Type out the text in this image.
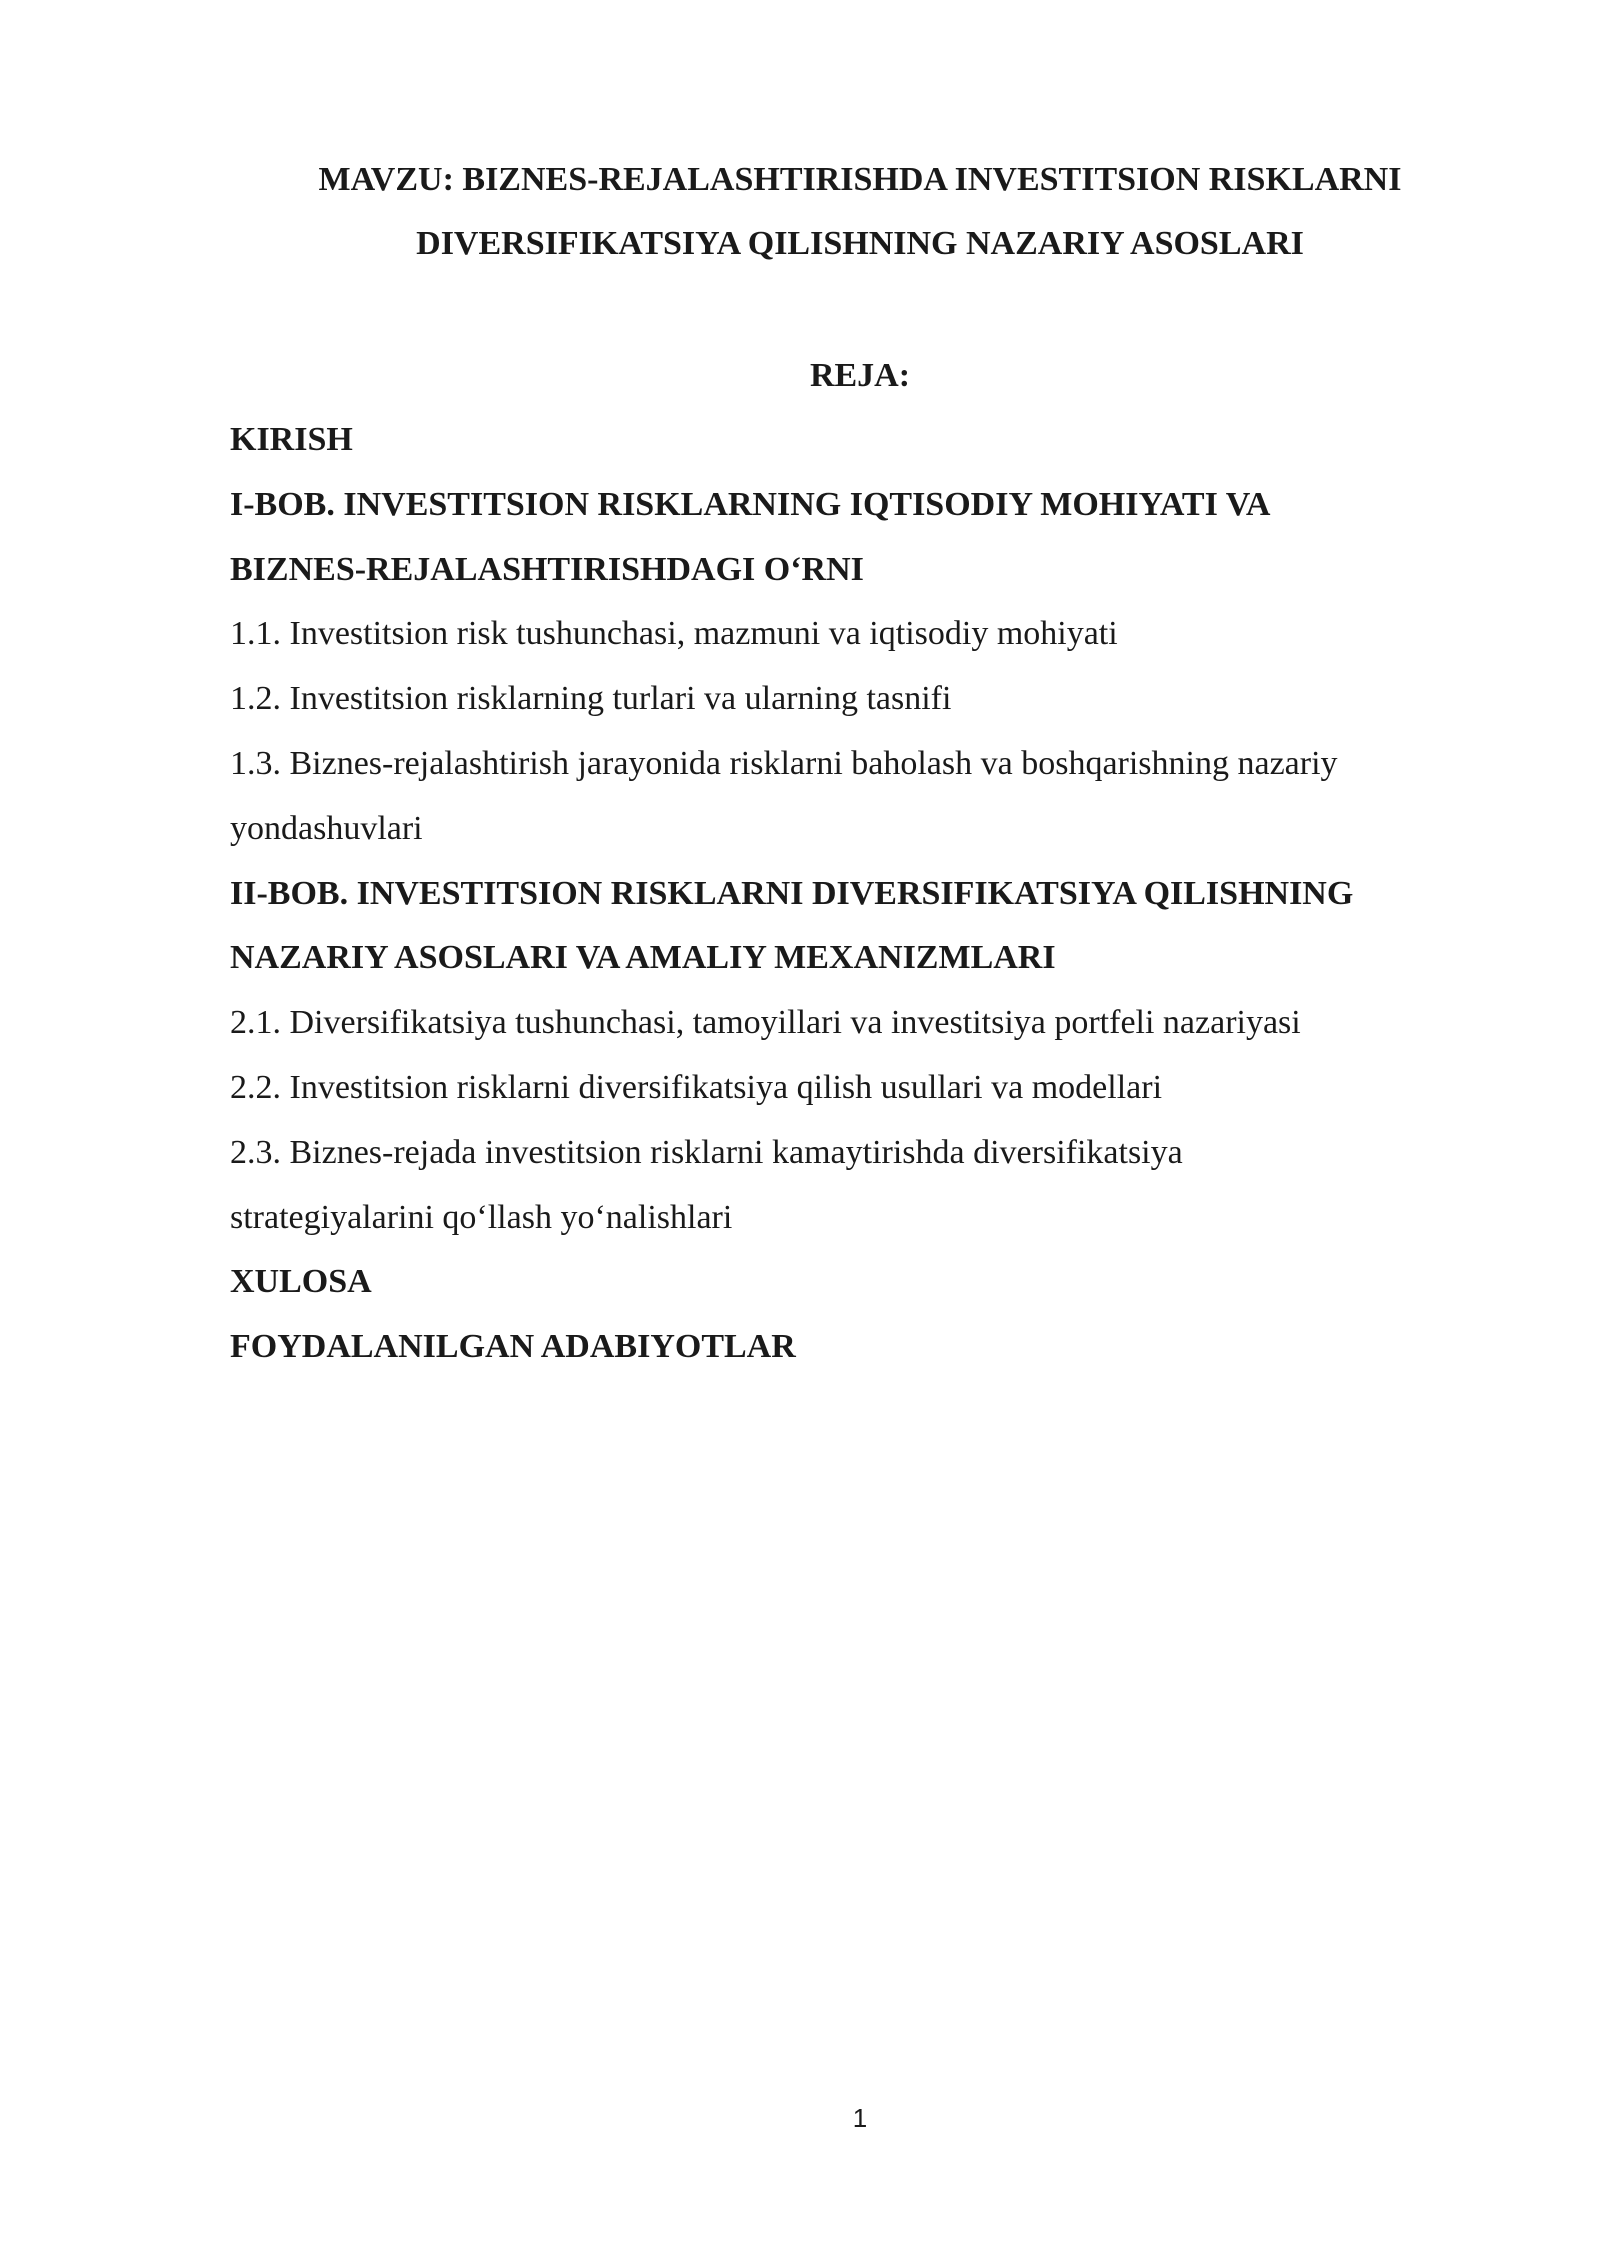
MAVZU: BIZNES-REJALASHTIRISHDA INVESTITSION RISKLARNI
DIVERSIFIKATSIYA QILISHNING NAZARIY ASOSLARI
REJA:
KIRISH
I-BOB. INVESTITSION RISKLARNING IQTISODIY MOHIYATI VA
BIZNES-REJALASHTIRISHDAGI O‘RNI
1.1. Investitsion risk tushunchasi, mazmuni va iqtisodiy mohiyati
1.2. Investitsion risklarning turlari va ularning tasnifi
1.3. Biznes-rejalashtirish jarayonida risklarni baholash va boshqarishning nazariy
yondashuvlari
II-BOB. INVESTITSION RISKLARNI DIVERSIFIKATSIYA QILISHNING
NAZARIY ASOSLARI VA AMALIY MEXANIZMLARI
2.1. Diversifikatsiya tushunchasi, tamoyillari va investitsiya portfeli nazariyasi
2.2. Investitsion risklarni diversifikatsiya qilish usullari va modellari
2.3. Biznes-rejada investitsion risklarni kamaytirishda diversifikatsiya
strategiyalarini qo‘llash yo‘nalishlari
XULOSA
FOYDALANILGAN ADABIYOTLAR
1
